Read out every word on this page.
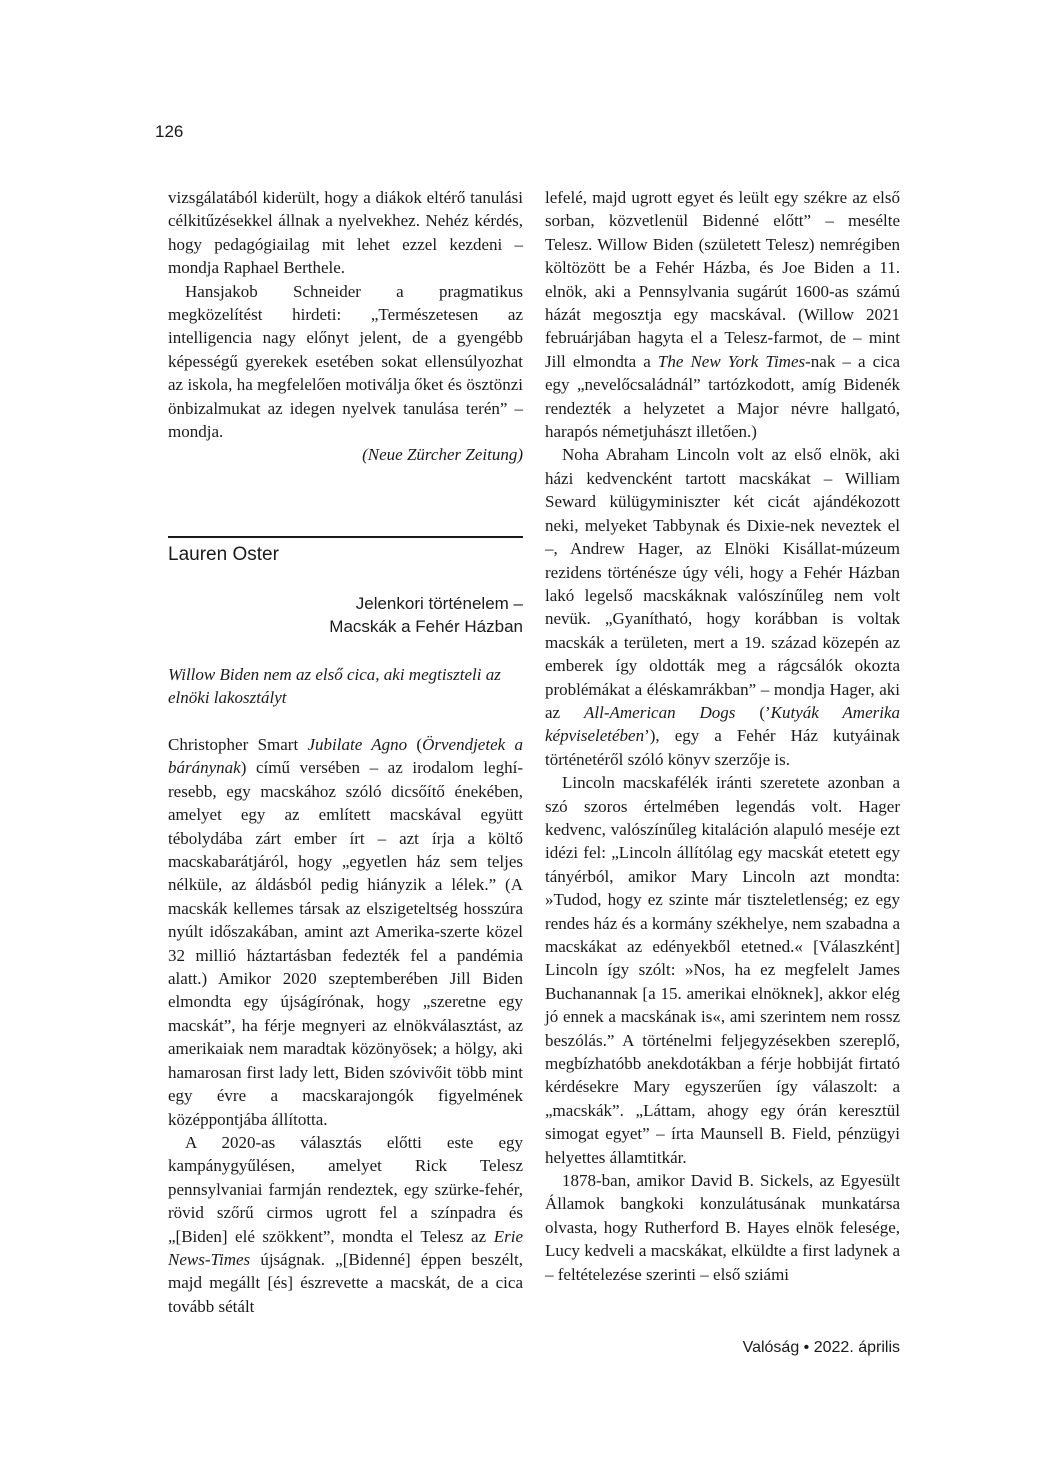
126

vizsgálatából kiderült, hogy a diákok eltérő tanulási célkitűzésekkel állnak a nyelvekhez. Nehéz kérdés, hogy pedagógiailag mit lehet ezzel kezdeni – mondja Raphael Berthele.

Hansjakob Schneider a pragmatikus megközelítést hirdeti: „Természetesen az intelligencia nagy előnyt jelent, de a gyengébb képességű gyerekek esetében sokat ellensúlyozhat az iskola, ha megfelelően motiválja őket és ösztönzi önbizalmukat az idegen nyelvek tanulása terén” – mondja.

(Neue Zürcher Zeitung)

Lauren Oster
Jelenkori történelem –
Macskák a Fehér Házban
Willow Biden nem az első cica, aki megtiszteli az elnöki lakosztályt

Christopher Smart Jubilate Agno (Örvendjetek a báránynak) című versében – az irodalom leghíresebb, egy macskához szóló dicsőítő énekében, amelyet egy az említett macskával együtt tébolydába zárt ember írt – azt írja a költő macskabarátjáról, hogy „egyetlen ház sem teljes nélküle, az áldásból pedig hiányzik a lélek.” (A macskák kellemes társak az elszigeteltség hosszúra nyúlt időszakában, amint azt Amerika-szerte közel 32 millió háztartásban fedezték fel a pandémia alatt.) Amikor 2020 szeptemberében Jill Biden elmondta egy újságírónak, hogy „szeretne egy macskát”, ha férje megnyeri az elnökválasztást, az amerikaiak nem maradtak közönyösek; a hölgy, aki hamarosan first lady lett, Biden szóvivőit több mint egy évre a macskarajongók figyelmének középpontjába állította.

A 2020-as választás előtti este egy kampánygyűlésen, amelyet Rick Telesz pennsylvaniai farmján rendeztek, egy szürke-fehér, rövid szőrű cirmos ugrott fel a színpadra és „[Biden] elé szökkent”, mondta el Telesz az Erie News-Times újságnak. „[Bidenné] éppen beszélt, majd megállt [és] észrevette a macskát, de a cica tovább sétált

lefelé, majd ugrott egyet és leült egy székre az első sorban, közvetlenül Bidenné előtt” – mesélte Telesz. Willow Biden (született Telesz) nemrégiben költözött be a Fehér Házba, és Joe Biden a 11. elnök, aki a Pennsylvania sugárút 1600-as számú házát megosztja egy macskával. (Willow 2021 februárjában hagyta el a Telesz-farmot, de – mint Jill elmondta a The New York Times-nak – a cica egy „nevelőcsaládnál” tartózkodott, amíg Bidenék rendezték a helyzetet a Major névre hallgató, harapós németjuhászt illetően.)

Noha Abraham Lincoln volt az első elnök, aki házi kedvencként tartott macskákat – William Seward külügyminiszter két cicát ajándékozott neki, melyeket Tabbynak és Dixie-nek neveztek el –, Andrew Hager, az Elnöki Kisállat-múzeum rezidens történésze úgy véli, hogy a Fehér Házban lakó legelső macskáknak valószínűleg nem volt nevük. „Gyanítható, hogy korábban is voltak macskák a területen, mert a 19. század közepén az emberek így oldották meg a rágcsálók okozta problémákat a éléskamrákban” – mondja Hager, aki az All-American Dogs (’Kutyák Amerika képviseletében’), egy a Fehér Ház kutyáinak történetéről szóló könyv szerzője is.

Lincoln macskafélék iránti szeretete azonban a szó szoros értelmében legendás volt. Hager kedvenc, valószínűleg kitaláción alapuló meséje ezt idézi fel: „Lincoln állítólag egy macskát etetett egy tányérból, amikor Mary Lincoln azt mondta: »Tudod, hogy ez szinte már tiszteletlenség; ez egy rendes ház és a kormány székhelye, nem szabadna a macskákat az edényekből etetned.« [Válaszként] Lincoln így szólt: »Nos, ha ez megfelelt James Buchanannak [a 15. amerikai elnöknek], akkor elég jó ennek a macskának is«, ami szerintem nem rossz beszólás.” A történelmi feljegyzésekben szereplő, megbízhatóbb anekdotákban a férje hobbiját firtató kérdésekre Mary egyszerűen így válaszolt: a „macskák”. „Láttam, ahogy egy órán keresztül simogat egyet” – írta Maunsell B. Field, pénzügyi helyettes államtitkár.

1878-ban, amikor David B. Sickels, az Egyesült Államok bangkoki konzulátusának munkatársa olvasta, hogy Rutherford B. Hayes elnök felesége, Lucy kedveli a macskákat, elküldte a first ladynek a – feltételezése szerinti – első sziámi

Valóság • 2022. április
